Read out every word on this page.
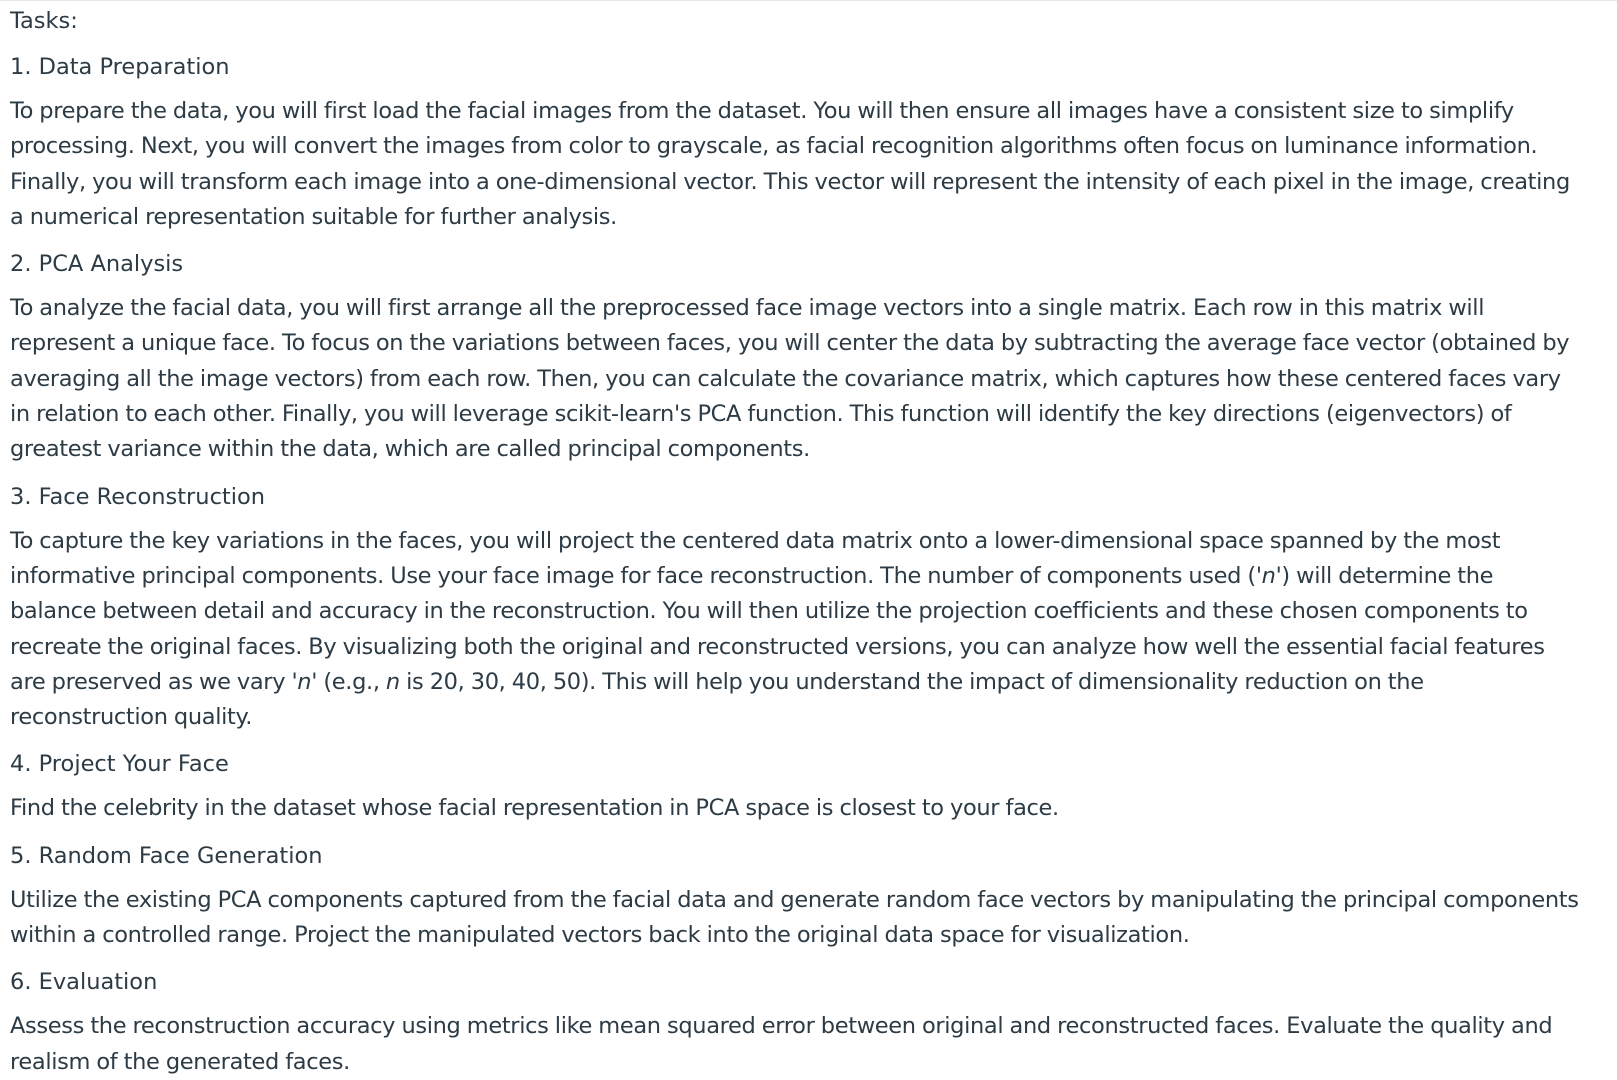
Tasks:
1. Data Preparation
To prepare the data, you will first load the facial images from the dataset. You will then ensure all images have a consistent size to simplify processing. Next, you will convert the images from color to grayscale, as facial recognition algorithms often focus on luminance information. Finally, you will transform each image into a one-dimensional vector. This vector will represent the intensity of each pixel in the image, creating a numerical representation suitable for further analysis.
2. PCA Analysis
To analyze the facial data, you will first arrange all the preprocessed face image vectors into a single matrix. Each row in this matrix will represent a unique face. To focus on the variations between faces, you will center the data by subtracting the average face vector (obtained by averaging all the image vectors) from each row. Then, you can calculate the covariance matrix, which captures how these centered faces vary in relation to each other. Finally, you will leverage scikit-learn's PCA function. This function will identify the key directions (eigenvectors) of greatest variance within the data, which are called principal components.
3. Face Reconstruction
To capture the key variations in the faces, you will project the centered data matrix onto a lower-dimensional space spanned by the most informative principal components. Use your face image for face reconstruction. The number of components used ('n') will determine the balance between detail and accuracy in the reconstruction. You will then utilize the projection coefficients and these chosen components to recreate the original faces. By visualizing both the original and reconstructed versions, you can analyze how well the essential facial features are preserved as we vary 'n' (e.g., n is 20, 30, 40, 50). This will help you understand the impact of dimensionality reduction on the reconstruction quality.
4. Project Your Face
Find the celebrity in the dataset whose facial representation in PCA space is closest to your face.
5. Random Face Generation
Utilize the existing PCA components captured from the facial data and generate random face vectors by manipulating the principal components within a controlled range. Project the manipulated vectors back into the original data space for visualization.
6. Evaluation
Assess the reconstruction accuracy using metrics like mean squared error between original and reconstructed faces. Evaluate the quality and realism of the generated faces.
